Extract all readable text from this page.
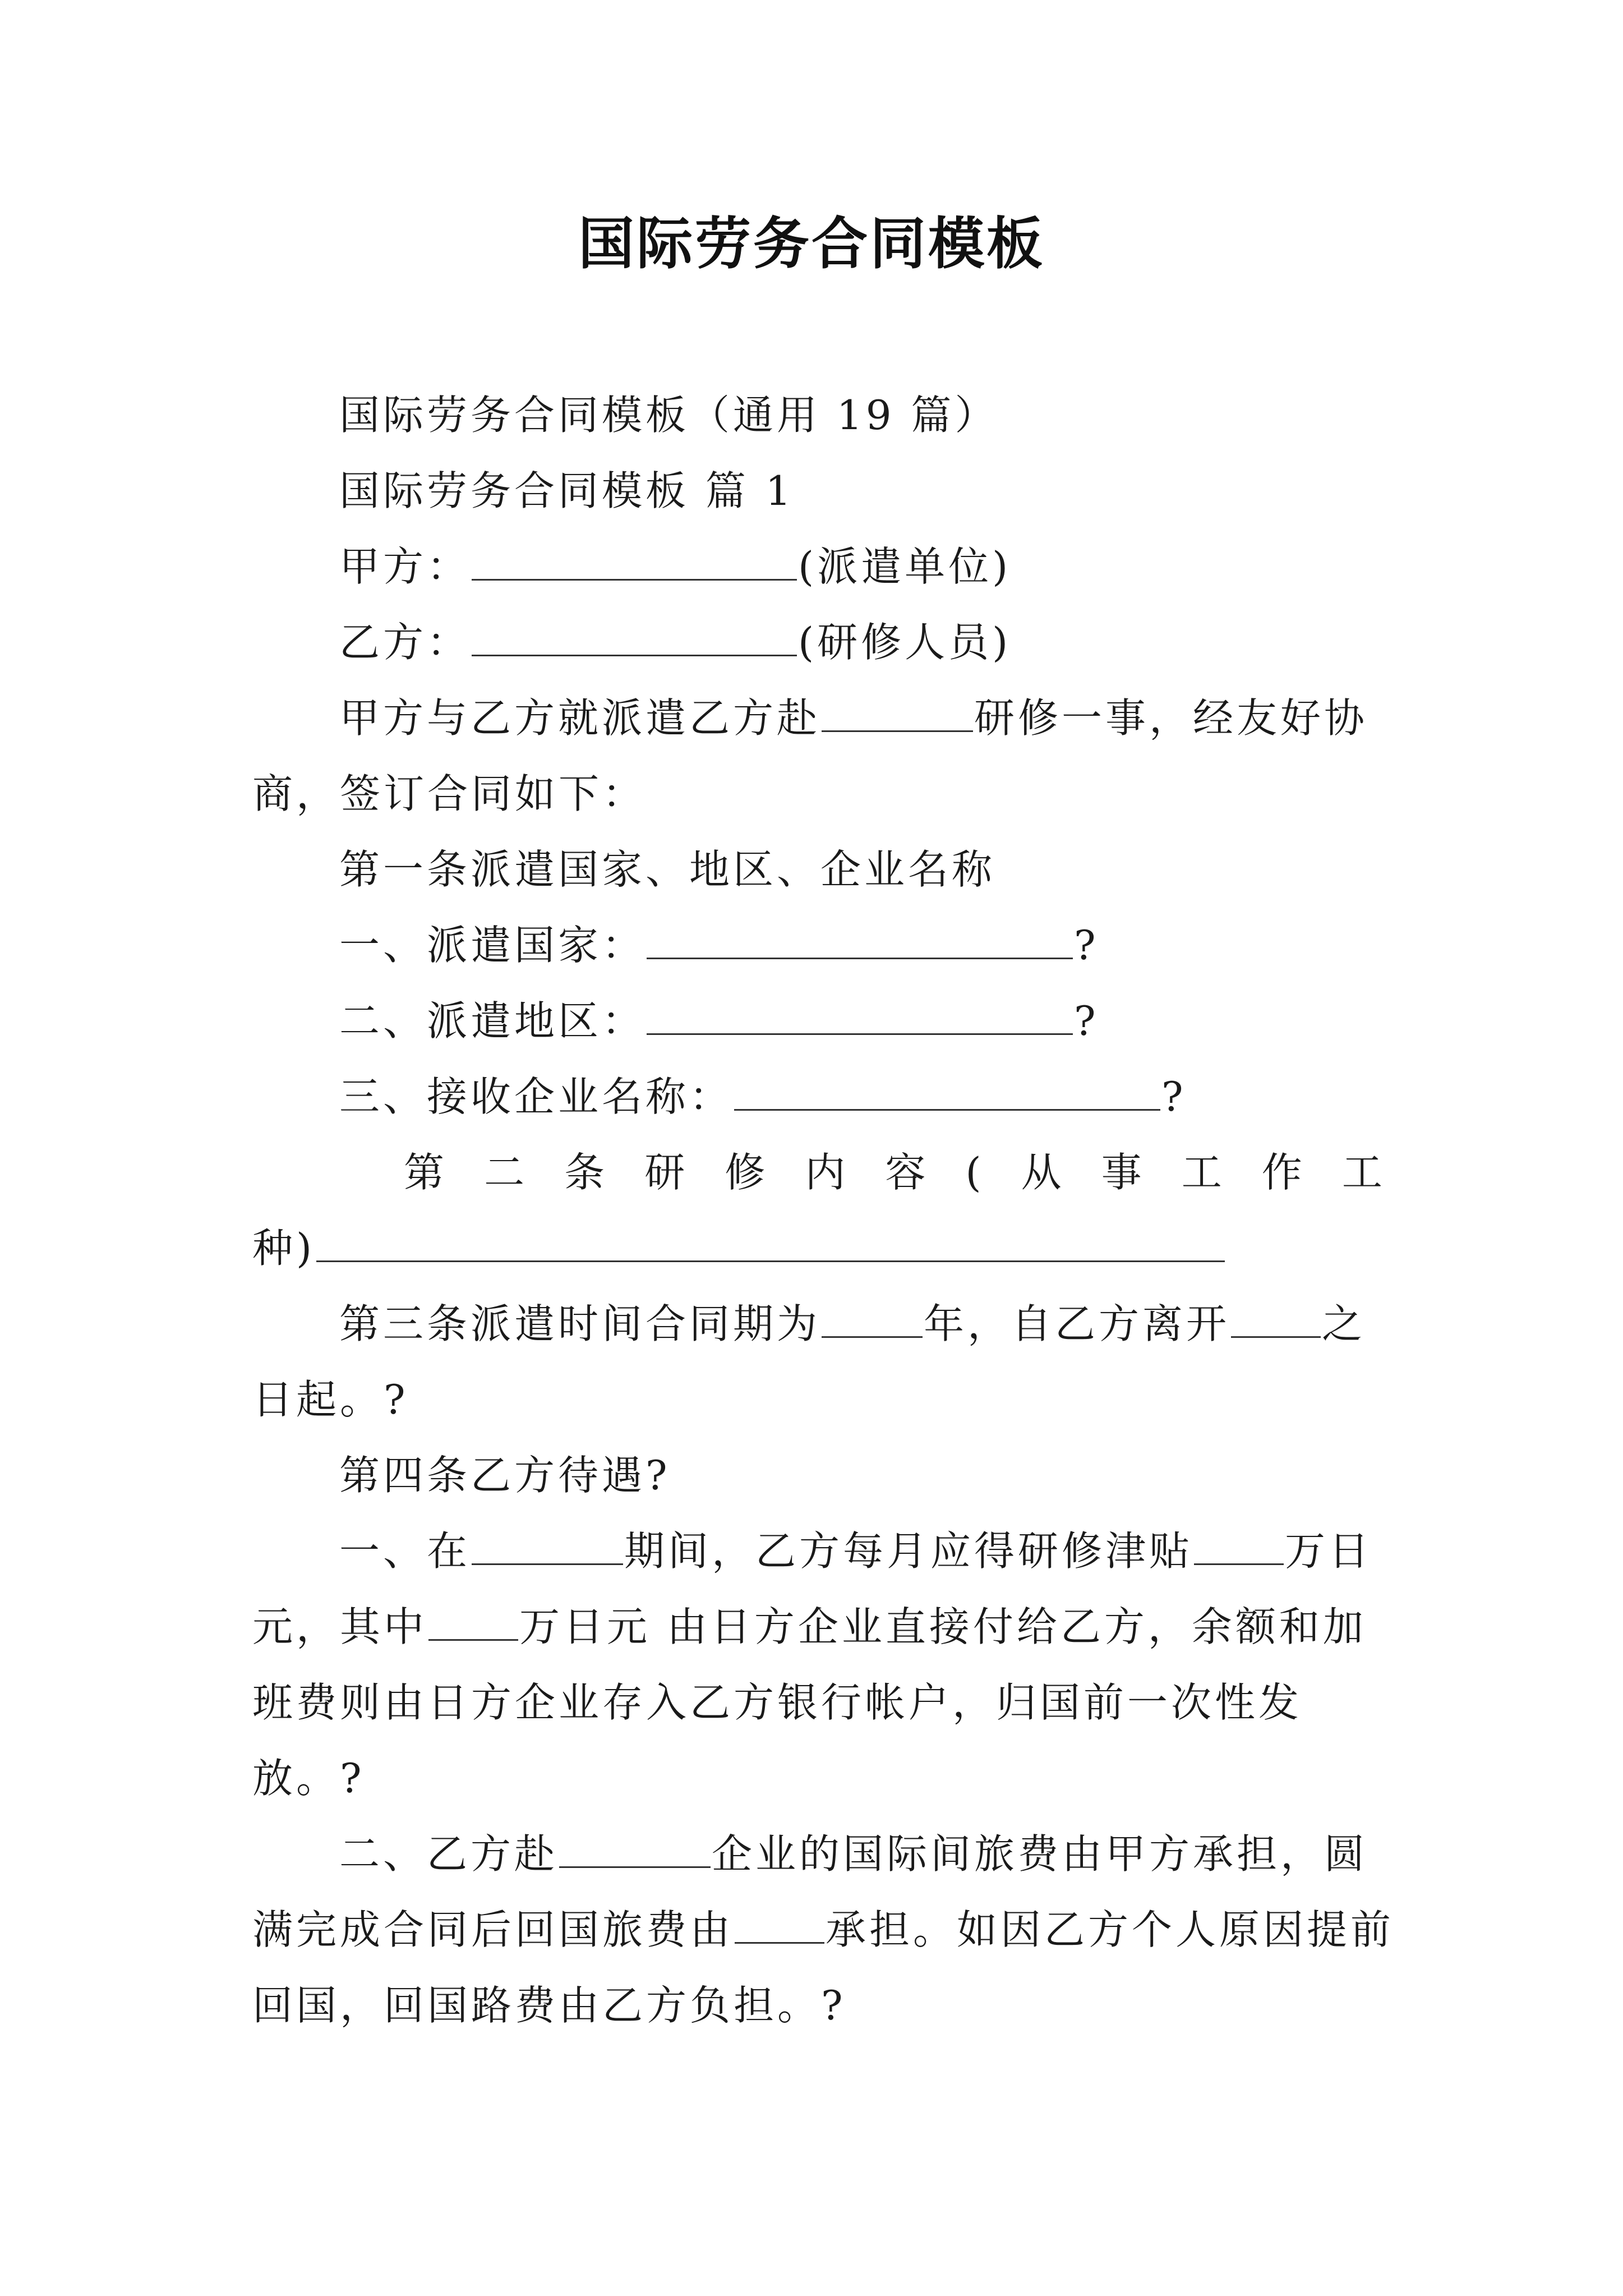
国际劳务合同模板
国际劳务合同模板（通用 19 篇）
国际劳务合同模板 篇 1
甲方：	(派遣单位)
乙方：	(研修人员)
甲方与乙方就派遣乙方赴	研修一事，经友好协
商，签订合同如下：
第一条派遣国家、地区、企业名称
一、派遣国家：	?
二、派遣地区：	?
三、接收企业名称：	?
第 二 条 研 修 内 容 ( 从 事 工 作 工
种)
第三条派遣时间合同期为	年，自乙方离开 之
日起。?
第四条乙方待遇?
一、在	期间，乙方每月应得研修津贴 万日
元，其中 万日元 由日方企业直接付给乙方，余额和加
班费则由日方企业存入乙方银行帐户，归国前一次性发
放。?
二、乙方赴	企业的国际间旅费由甲方承担，圆
满完成合同后回国旅费由 承担。如因乙方个人原因提前
回国，回国路费由乙方负担。?
